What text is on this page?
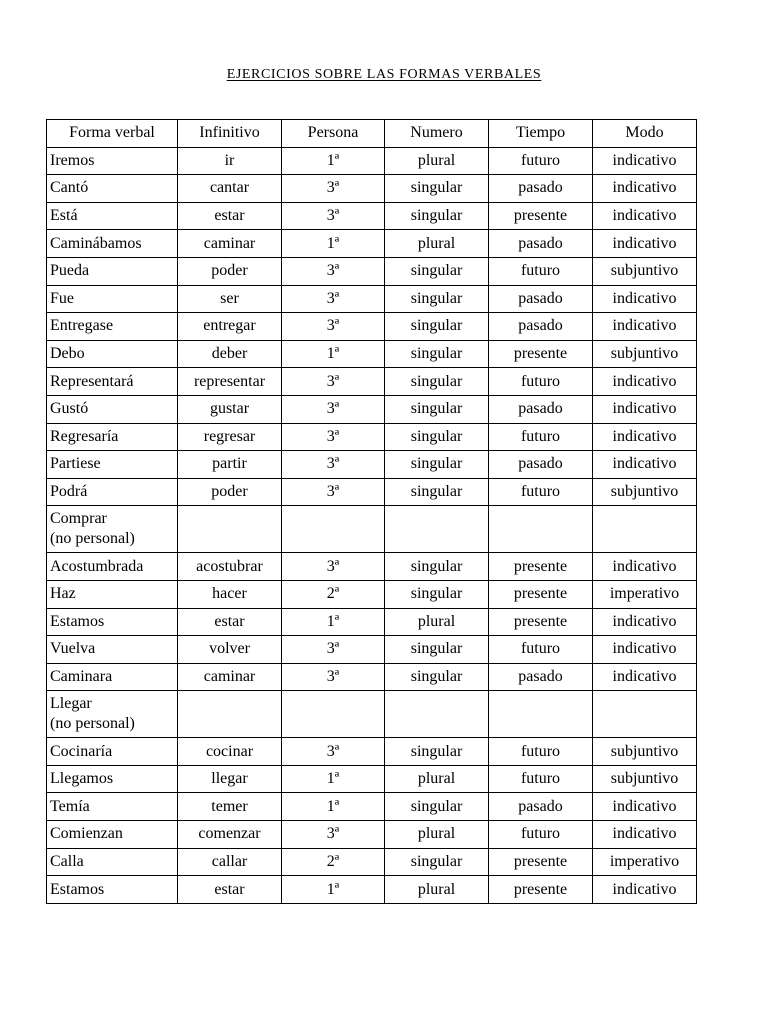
EJERCICIOS SOBRE LAS FORMAS VERBALES
Forma verbal	Infinitivo	Persona	Numero	Tiempo	Modo
Iremos	ir	1ª	plural	futuro	indicativo
Cantó	cantar	3ª	singular	pasado	indicativo
Está	estar	3ª	singular	presente	indicativo
Caminábamos	caminar	1ª	plural	pasado	indicativo
Pueda	poder	3ª	singular	futuro	subjuntivo
Fue	ser	3ª	singular	pasado	indicativo
Entregase	entregar	3ª	singular	pasado	indicativo
Debo	deber	1ª	singular	presente	subjuntivo
Representará	representar	3ª	singular	futuro	indicativo
Gustó	gustar	3ª	singular	pasado	indicativo
Regresaría	regresar	3ª	singular	futuro	indicativo
Partiese	partir	3ª	singular	pasado	indicativo
Podrá	poder	3ª	singular	futuro	subjuntivo

Comprar
(no personal)					

Acostumbrada	acostubrar	3ª	singular	presente	indicativo
Haz	hacer	2ª	singular	presente	imperativo
Estamos	estar	1ª	plural	presente	indicativo
Vuelva	volver	3ª	singular	futuro	indicativo
Caminara	caminar	3ª	singular	pasado	indicativo

Llegar
(no personal)					

Cocinaría	cocinar	3ª	singular	futuro	subjuntivo
Llegamos	llegar	1ª	plural	futuro	subjuntivo
Temía	temer	1ª	singular	pasado	indicativo
Comienzan	comenzar	3ª	plural	futuro	indicativo
Calla	callar	2ª	singular	presente	imperativo
Estamos	estar	1ª	plural	presente	indicativo
